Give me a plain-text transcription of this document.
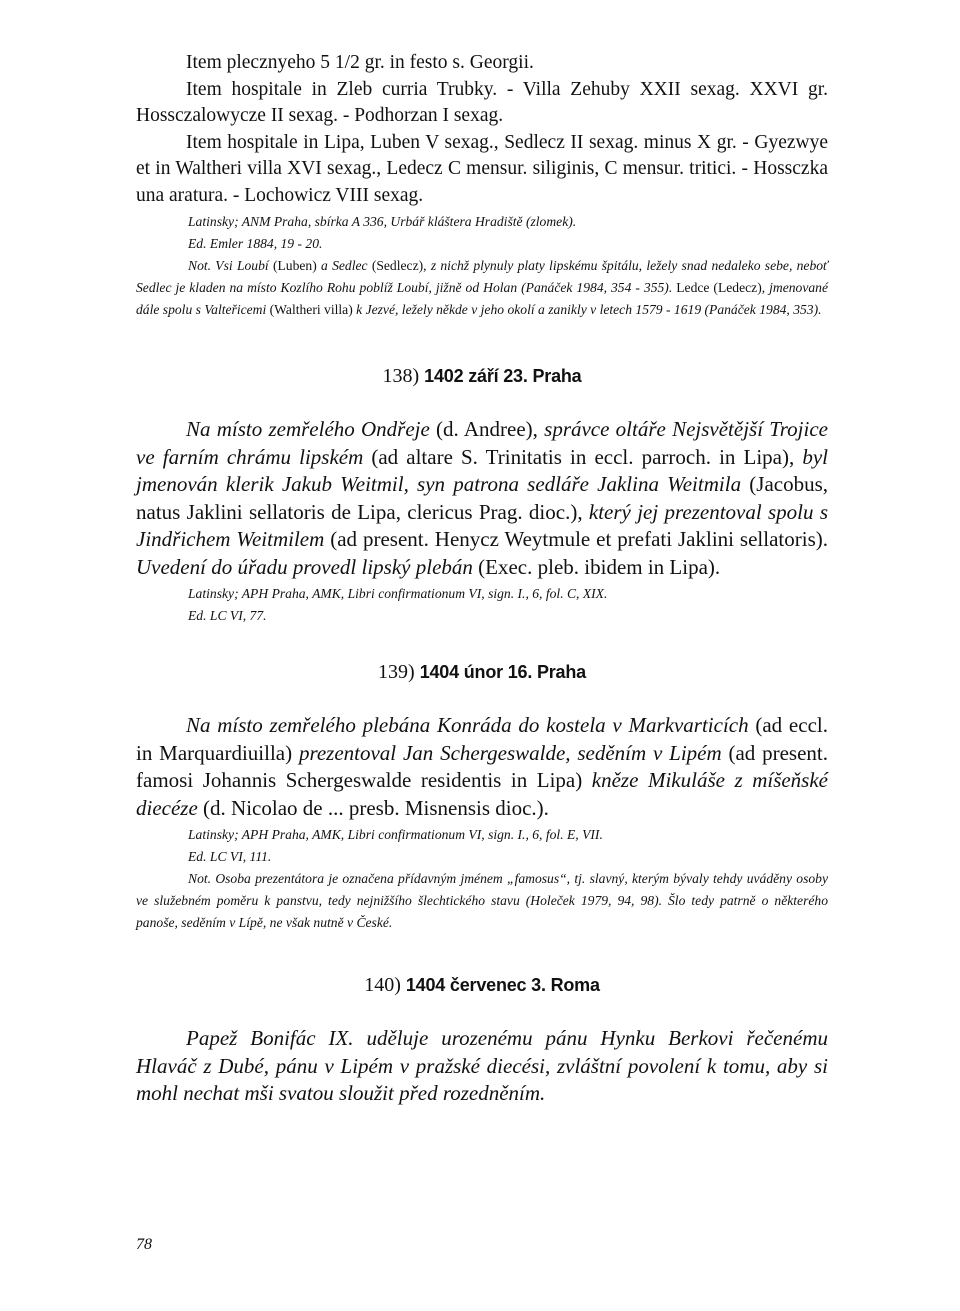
Item plecznyeho 5 1/2 gr. in festo s. Georgii.

Item hospitale in Zleb curria Trubky. - Villa Zehuby XXII sexag. XXVI gr. Hossczalowycze II sexag. - Podhorzan I sexag.

Item hospitale in Lipa, Luben V sexag., Sedlecz II sexag. minus X gr. - Gyezwye et in Waltheri villa XVI sexag., Ledecz C mensur. siliginis, C mensur. tritici. - Hossczka una aratura. - Lochowicz VIII sexag.

Latinsky; ANM Praha, sbírka A 336, Urbář kláštera Hradiště (zlomek).

Ed. Emler 1884, 19 - 20.

Not. Vsi Loubí (Luben) a Sedlec (Sedlecz), z nichž plynuly platy lipskému špitálu, ležely snad nedaleko sebe, neboť Sedlec je kladen na místo Kozlího Rohu poblíž Loubí, jižně od Holan (Panáček 1984, 354 - 355). Ledce (Ledecz), jmenované dále spolu s Valteřicemi (Waltheri villa) k Jezvé, ležely někde v jeho okolí a zanikly v letech 1579 - 1619 (Panáček 1984, 353).

138) 1402 září 23. Praha
Na místo zemřelého Ondřeje (d. Andree), správce oltáře Nejsvětější Trojice ve farním chrámu lipském (ad altare S. Trinitatis in eccl. parroch. in Lipa), byl jmenován klerik Jakub Weitmil, syn patrona sedláře Jaklina Weitmila (Jacobus, natus Jaklini sellatoris de Lipa, clericus Prag. dioc.), který jej prezentoval spolu s Jindřichem Weitmilem (ad present. Henycz Weytmule et prefati Jaklini sellatoris). Uvedení do úřadu provedl lipský plebán (Exec. pleb. ibidem in Lipa).

Latinsky; APH Praha, AMK, Libri confirmationum VI, sign. I., 6, fol. C, XIX.

Ed. LC VI, 77.

139) 1404 únor 16. Praha
Na místo zemřelého plebána Konráda do kostela v Markvarticích (ad eccl. in Marquardiuilla) prezentoval Jan Schergeswalde, seděním v Lipém (ad present. famosi Johannis Schergeswalde residentis in Lipa) kněze Mikuláše z míšeňské diecéze (d. Nicolao de ... presb. Misnensis dioc.).

Latinsky; APH Praha, AMK, Libri confirmationum VI, sign. I., 6, fol. E, VII.

Ed. LC VI, 111.

Not. Osoba prezentátora je označena přídavným jménem „famosus“, tj. slavný, kterým bývaly tehdy uváděny osoby ve služebném poměru k panstvu, tedy nejnižšího šlechtického stavu (Holeček 1979, 94, 98). Šlo tedy patrně o některého panoše, seděním v Lípě, ne však nutně v České.

140) 1404 červenec 3. Roma

Papež Bonifác IX. uděluje urozenému pánu Hynku Berkovi řečenému Hlaváč z Dubé, pánu v Lipém v pražské diecési, zvláštní povolení k tomu, aby si mohl nechat mši svatou sloužit před rozedněním.

78
